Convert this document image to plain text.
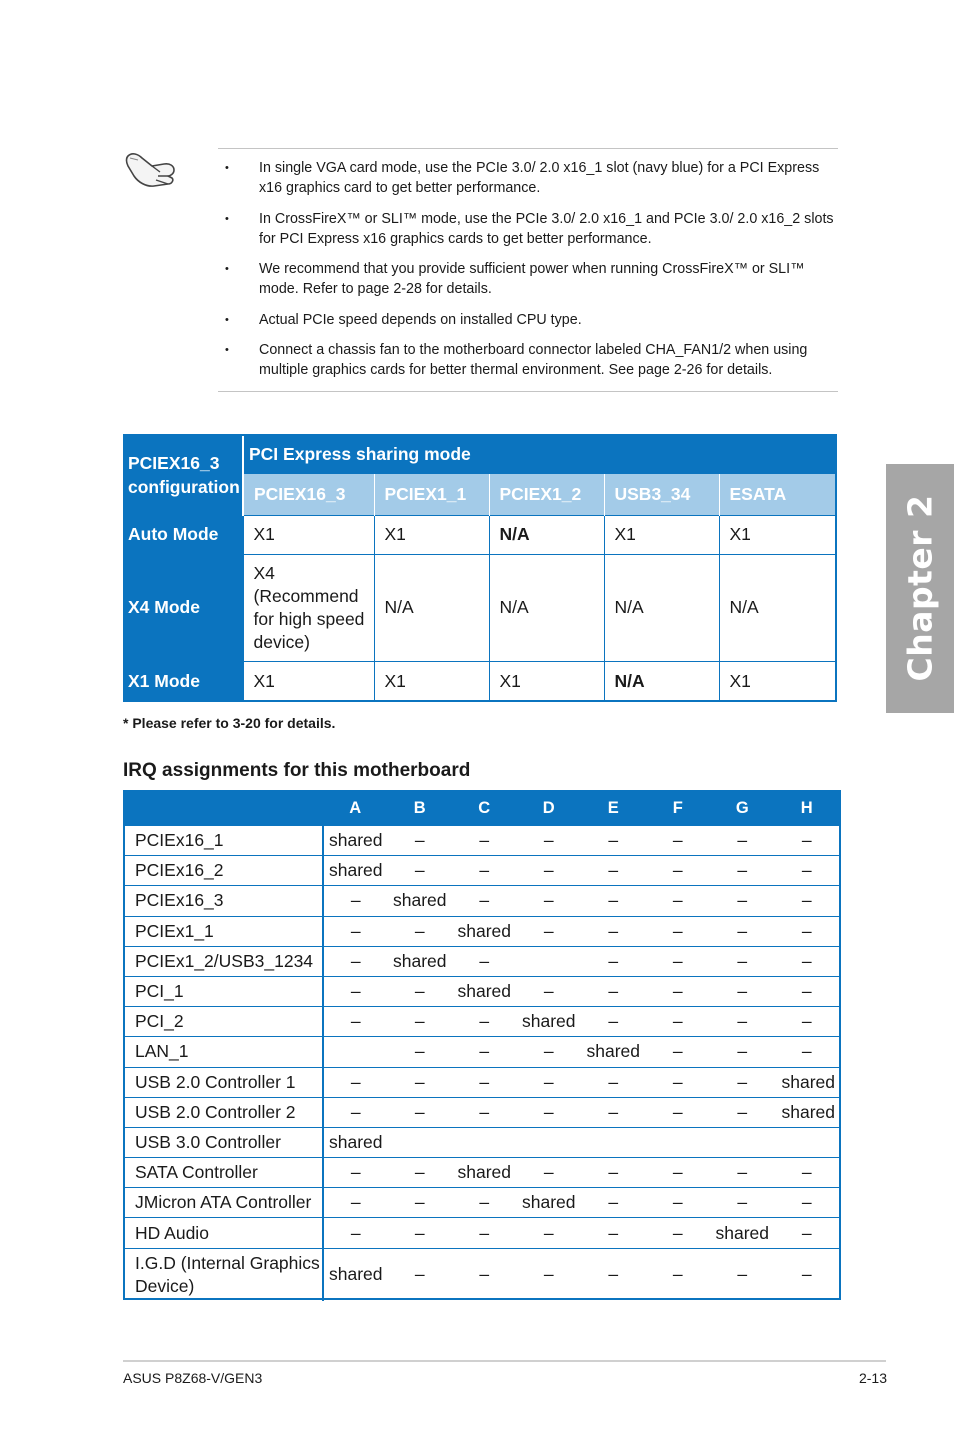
• In single VGA card mode, use the PCIe 3.0/ 2.0 x16_1 slot (navy blue) for a PCI Express x16 graphics card to get better performance.
• In CrossFireX™ or SLI™ mode, use the PCIe 3.0/ 2.0 x16_1 and PCIe 3.0/ 2.0 x16_2 slots for PCI Express x16 graphics cards to get better performance.
• We recommend that you provide sufficient power when running CrossFireX™ or SLI™ mode. Refer to page 2-28 for details.
• Actual PCIe speed depends on installed CPU type.
• Connect a chassis fan to the motherboard connector labeled CHA_FAN1/2 when using multiple graphics cards for better thermal environment. See page 2-26 for details.
PCIEX16_3 configuration	PCI Express sharing mode				
	PCIEX16_3	PCIEX1_1	PCIEX1_2	USB3_34	ESATA
Auto Mode	X1	X1	N/A	X1	X1
X4 Mode	X4 (Recommend for high speed device)	N/A	N/A	N/A	N/A
X1 Mode	X1	X1	X1	N/A	X1
* Please refer to 3-20 for details.
IRQ assignments for this motherboard
	A	B	C	D	E	F	G	H
PCIEx16_1	shared	–	–	–	–	–	–	–
PCIEx16_2	shared	–	–	–	–	–	–	–
PCIEx16_3	–	shared	–	–	–	–	–	–
PCIEx1_1	–	–	shared	–	–	–	–	–
PCIEx1_2/USB3_1234	–	shared	–		–	–	–	–
PCI_1	–	–	shared	–	–	–	–	–
PCI_2	–	–	–	shared	–	–	–	–
LAN_1		–	–	–	shared	–	–	–
USB 2.0 Controller 1	–	–	–	–	–	–	–	shared
USB 2.0 Controller 2	–	–	–	–	–	–	–	shared
USB 3.0 Controller	shared							
SATA Controller	–	–	shared	–	–	–	–	–
JMicron ATA Controller	–	–	–	shared	–	–	–	–
HD Audio	–	–	–	–	–	–	shared	–
I.G.D (Internal Graphics Device)	shared	–	–	–	–	–	–	–
Chapter 2
ASUS P8Z68-V/GEN3	2-13
